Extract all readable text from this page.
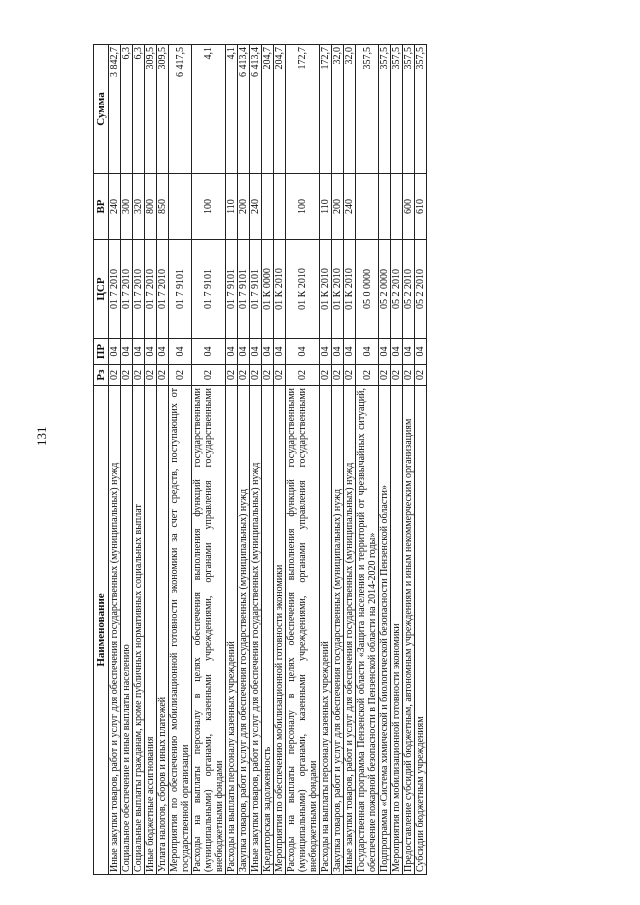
131
Наименование	Рз	ПР	ЦСР	ВР	Сумма
Иные закупки товаров, работ и услуг для обеспечения государственных (муниципальных) нужд	02	04	01 7 2010	240	3 842,7
Социальное обеспечение и иные выплаты населению	02	04	01 7 2010	300	6,3
Социальные выплаты гражданам, кроме публичных нормативных социальных выплат	02	04	01 7 2010	320	6,3
Иные бюджетные ассигнования	02	04	01 7 2010	800	309,5
Уплата налогов, сборов и иных платежей	02	04	01 7 2010	850	309,5
Мероприятия по обеспечению мобилизационной готовности экономики за счет средств, поступающих от государственной организации	02	04	01 7 9101		6 417,5
Расходы на выплаты персоналу в целях обеспечения выполнения функций государственными (муниципальными) органами, казенными учреждениями, органами управления государственными внебюджетными фондами	02	04	01 7 9101	100	4,1
Расходы на выплаты персоналу казенных учреждений	02	04	01 7 9101	110	4,1
Закупка товаров, работ и услуг для обеспечения государственных (муниципальных) нужд	02	04	01 7 9101	200	6 413,4
Иные закупки товаров, работ и услуг для обеспечения государственных (муниципальных) нужд	02	04	01 7 9101	240	6 413,4
Кредиторская задолженность	02	04	01 К 0000		204,7
Мероприятия по обеспечению мобилизационной готовности экономики	02	04	01 К 2010		204,7
Расходы на выплаты персоналу в целях обеспечения выполнения функций государственными (муниципальными) органами, казенными учреждениями, органами управления государственными внебюджетными фондами	02	04	01 К 2010	100	172,7
Расходы на выплаты персоналу казенных учреждений	02	04	01 К 2010	110	172,7
Закупка товаров, работ и услуг для обеспечения государственных (муниципальных) нужд	02	04	01 К 2010	200	32,0
Иные закупки товаров, работ и услуг для обеспечения государственных (муниципальных) нужд	02	04	01 К 2010	240	32,0
Государственная программа Пензенской области «Защита населения и территорий от чрезвычайных ситуаций, обеспечение пожарной безопасности в Пензенской области на 2014-2020 годы»	02	04	05 0 0000		357,5
Подпрограмма «Система химической и биологической безопасности Пензенской области»	02	04	05 2 0000		357,5
Мероприятия по мобилизационной готовности экономики	02	04	05 2 2010		357,5
Предоставление субсидий бюджетным, автономным учреждениям и иным некоммерческим организациям	02	04	05 2 2010	600	357,5
Субсидии бюджетным учреждениям	02	04	05 2 2010	610	357,5
